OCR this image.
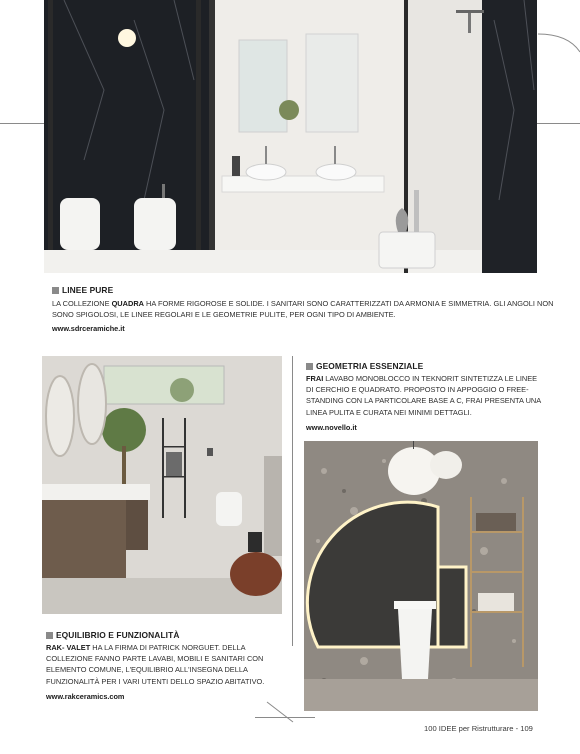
LINEE PURE

LA COLLEZIONE QUADRA HA FORME RIGOROSE E SOLIDE. I SANITARI SONO CARATTERIZZATI DA ARMONIA E SIMMETRIA. GLI ANGOLI NON
SONO SPIGOLOSI, LE LINEE REGOLARI E LE GEOMETRIE PULITE, PER OGNI TIPO DI AMBIENTE.

www.sdrceramiche.it
GEOMETRIA ESSENZIALE

FRAI LAVABO MONOBLOCCO IN TEKNORIT SINTETIZZA LE LINEE
DI CERCHIO E QUADRATO. PROPOSTO IN APPOGGIO O FREE-
STANDING CON LA PARTICOLARE BASE A C, FRAI PRESENTA UNA
LINEA PULITA E CURATA NEI MINIMI DETTAGLI.

www.novello.it
EQUILIBRIO E FUNZIONALITÀ

RAK- VALET HA LA FIRMA DI PATRICK NORGUET. DELLA
COLLEZIONE FANNO PARTE LAVABI, MOBILI E SANITARI CON
ELEMENTO COMUNE, L'EQUILIBRIO ALL'INSEGNA DELLA
FUNZIONALITÀ PER I VARI UTENTI DELLO SPAZIO ABITATIVO.

www.rakceramics.com
100 IDEE per Ristrutturare - 109
